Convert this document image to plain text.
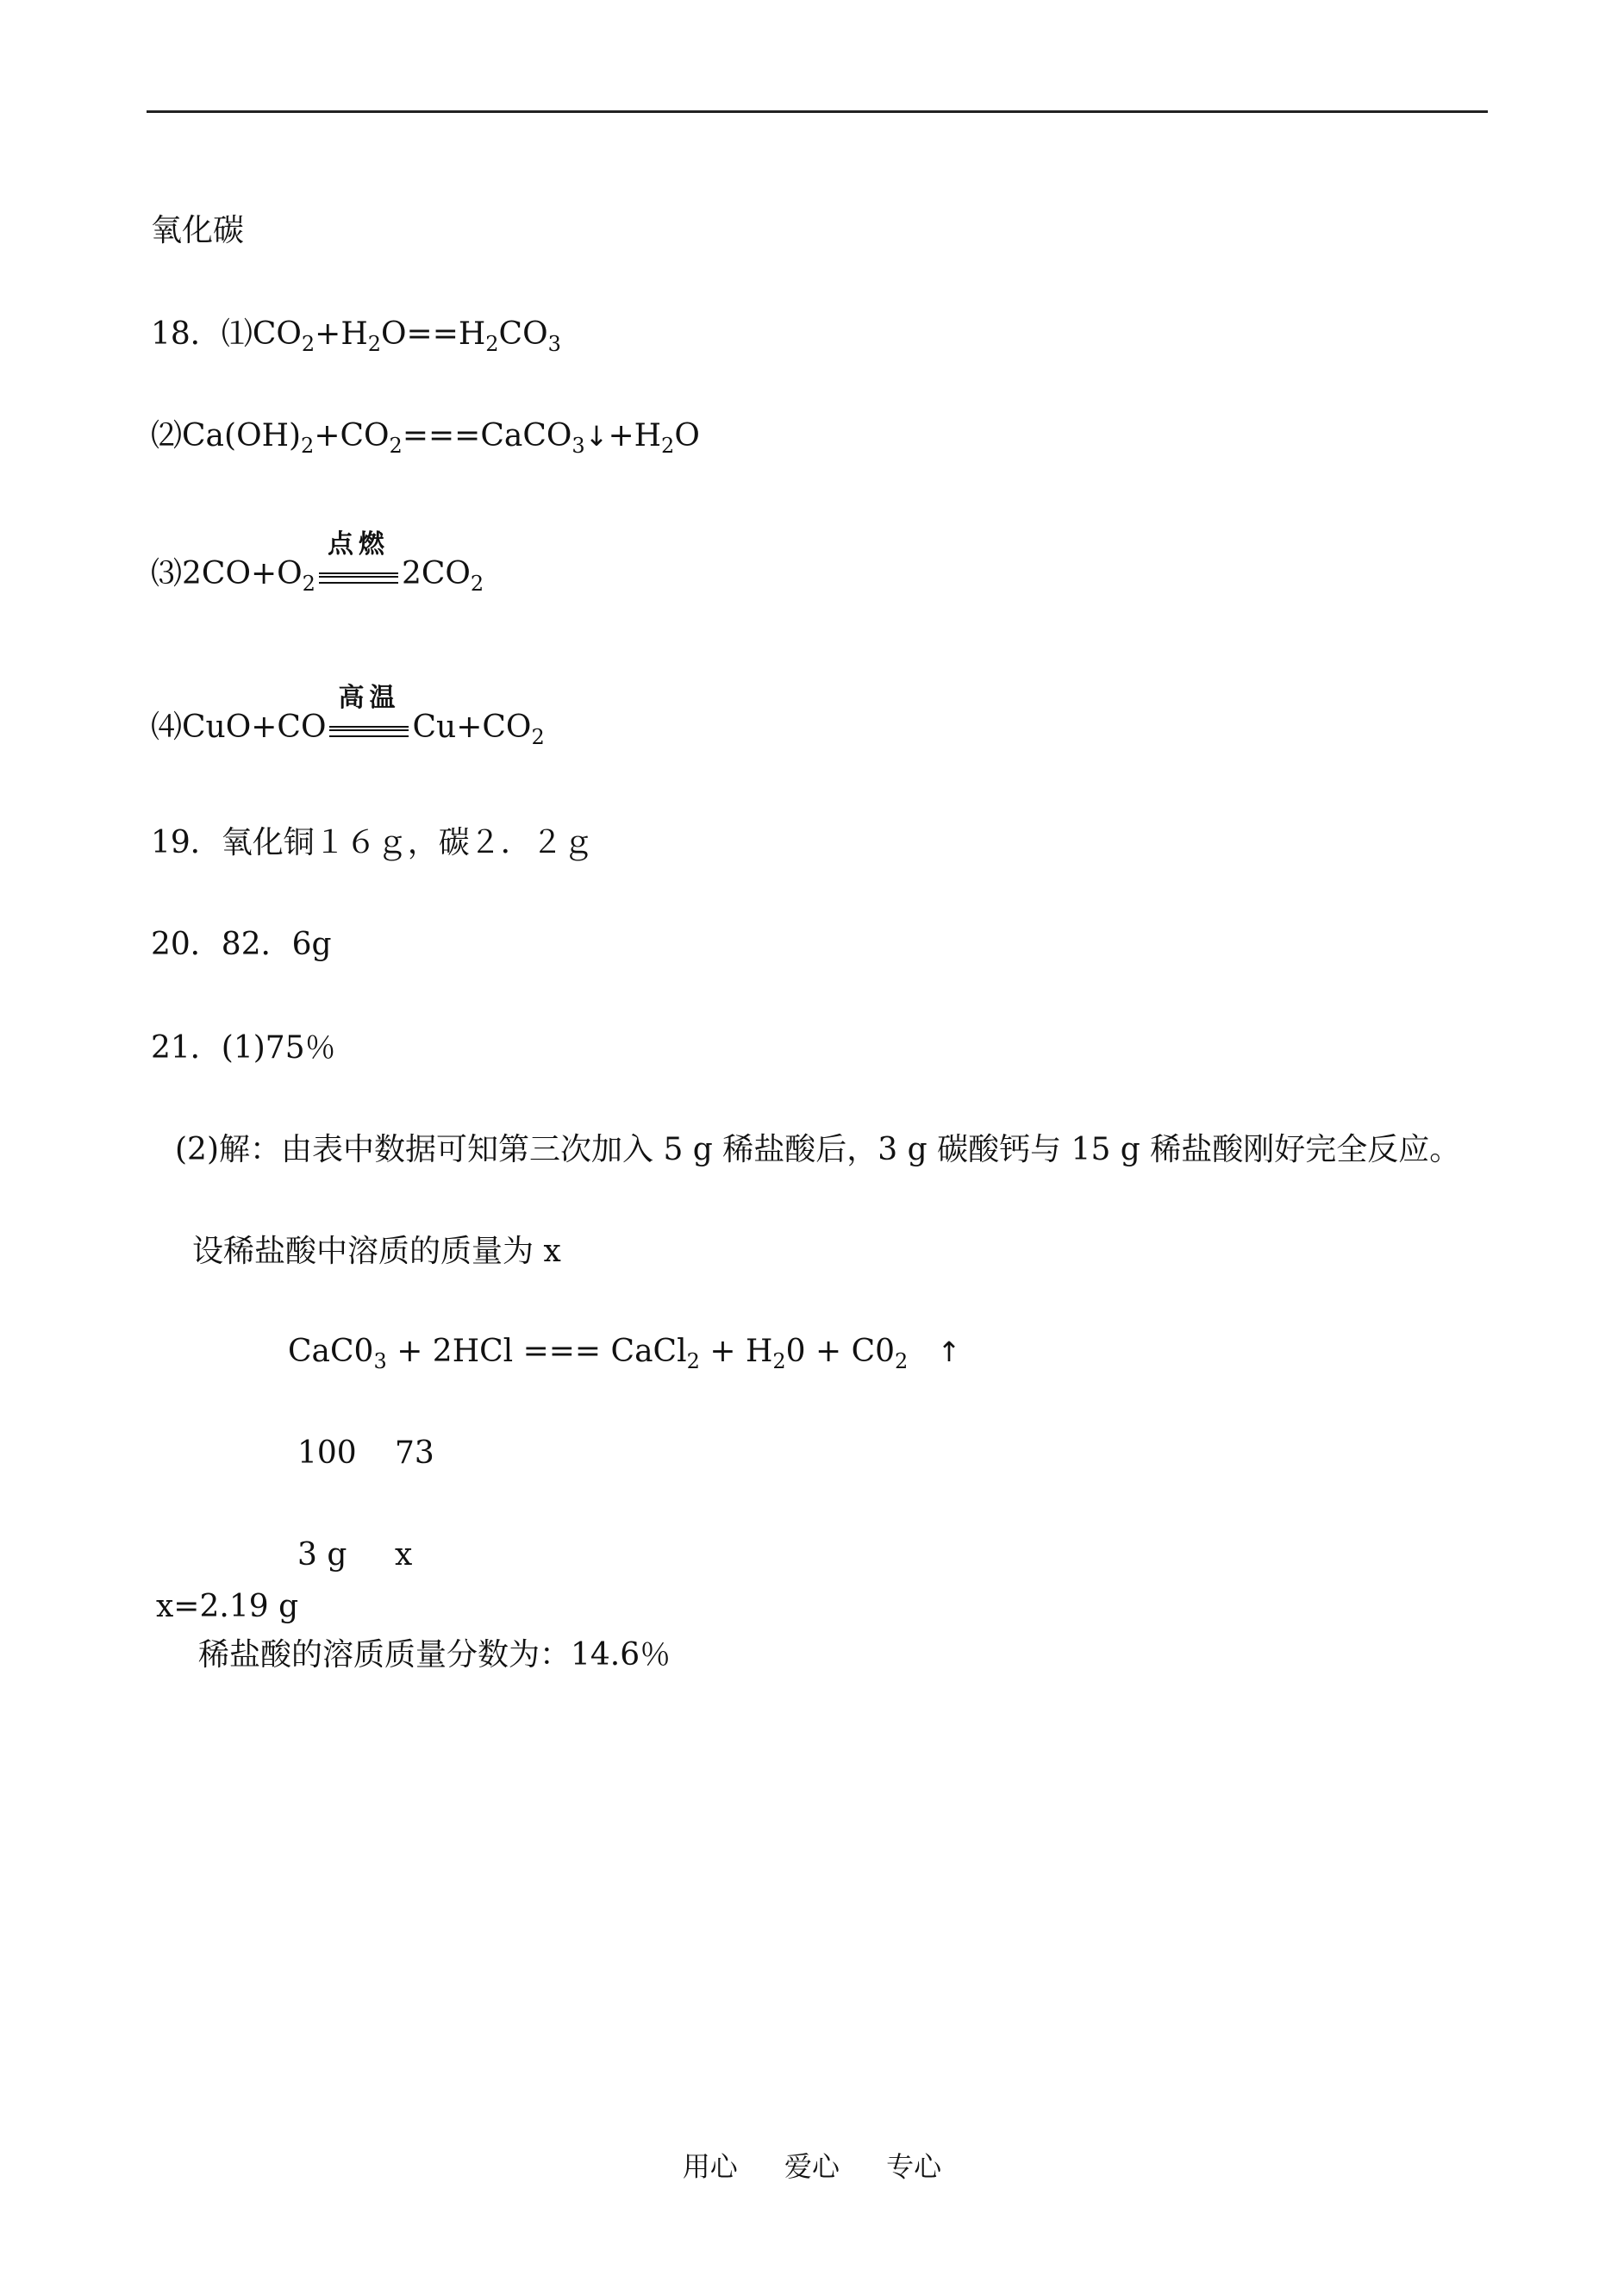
氧化碳
18．$⑴CO_2+H_2O==H_2CO_3$
$⑵Ca(OH)_2+CO_2===CaCO_3↓+H_2O$
$⑶2CO+O_2$
点燃
$2CO_2$
⑷CuO+CO
高温
$Cu+CO_2$
19．氧化铜１６ｇ，碳２．２ｇ
20．82．6g
21．(1)75％
(2)解：由表中数据可知第三次加入 5 g 稀盐酸后，3 g 碳酸钙与 15 g 稀盐酸刚好完全反应。
设稀盐酸中溶质的质量为 x
$CaC0_3 + 2HCl$ === CaCl$_2$ + $H_20 + C0_2$ ↑
100 73
3 g x
x=2.19 g
稀盐酸的溶质质量分数为：14.6％
用心 爱心 专心
